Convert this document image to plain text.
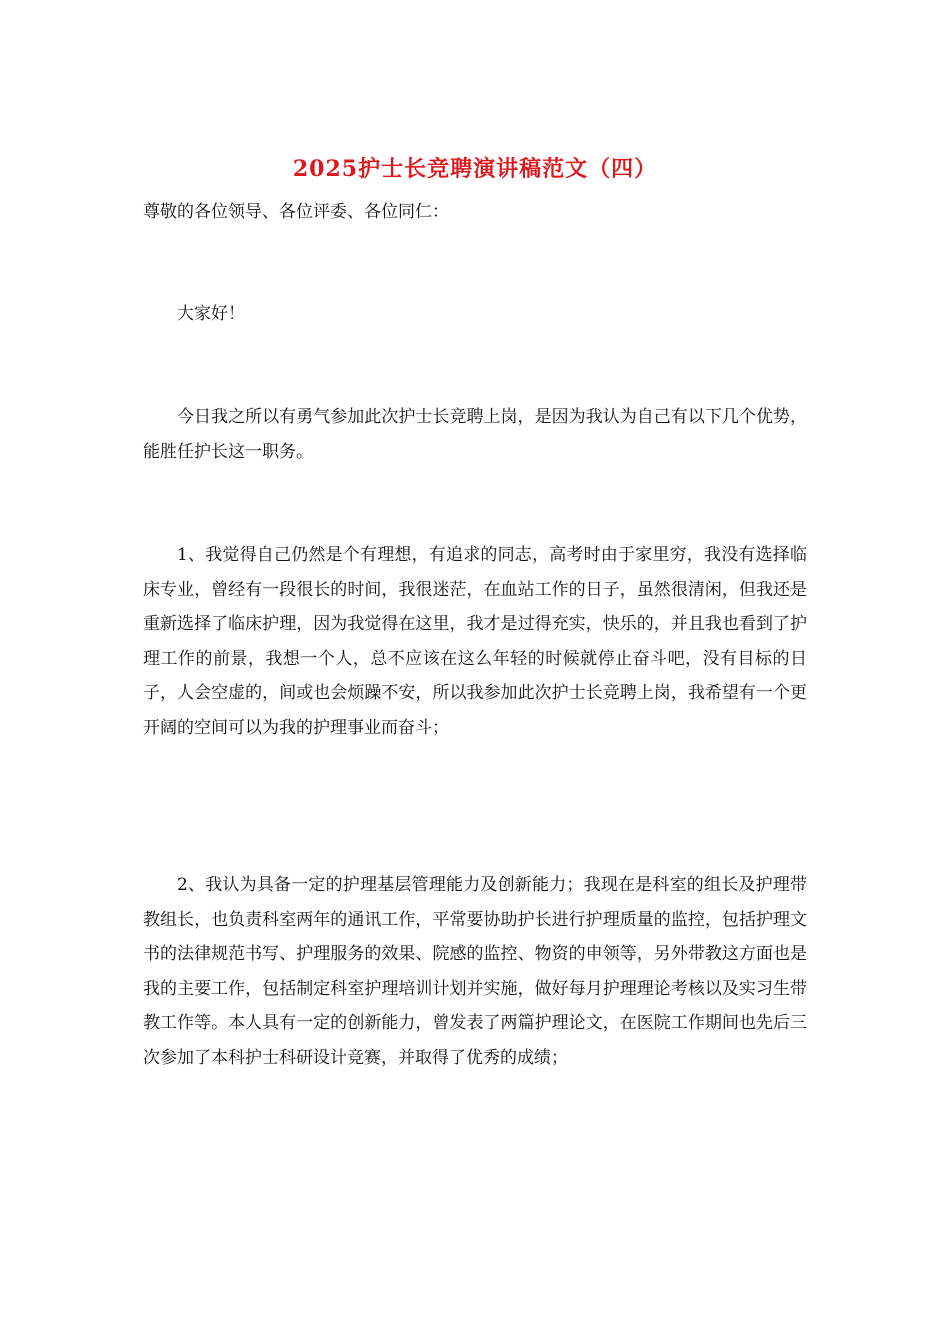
2025护士长竞聘演讲稿范文（四）

尊敬的各位领导、各位评委、各位同仁：

大家好！

今日我之所以有勇气参加此次护士长竞聘上岗，是因为我认为自己有以下几个优势，能胜任护长这一职务。

1、我觉得自己仍然是个有理想，有追求的同志，高考时由于家里穷，我没有选择临床专业，曾经有一段很长的时间，我很迷茫，在血站工作的日子，虽然很清闲，但我还是重新选择了临床护理，因为我觉得在这里，我才是过得充实，快乐的，并且我也看到了护理工作的前景，我想一个人，总不应该在这么年轻的时候就停止奋斗吧，没有目标的日子，人会空虚的，间或也会烦躁不安，所以我参加此次护士长竞聘上岗，我希望有一个更开阔的空间可以为我的护理事业而奋斗；

2、我认为具备一定的护理基层管理能力及创新能力；我现在是科室的组长及护理带教组长，也负责科室两年的通讯工作，平常要协助护长进行护理质量的监控，包括护理文书的法律规范书写、护理服务的效果、院感的监控、物资的申领等，另外带教这方面也是我的主要工作，包括制定科室护理培训计划并实施，做好每月护理理论考核以及实习生带教工作等。本人具有一定的创新能力，曾发表了两篇护理论文，在医院工作期间也先后三次参加了本科护士科研设计竞赛，并取得了优秀的成绩；
